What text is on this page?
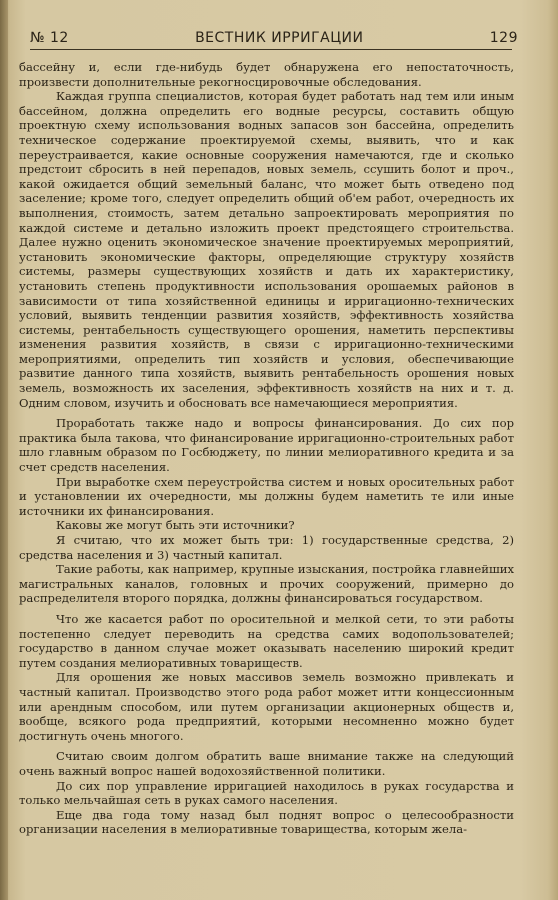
№ 12	ВЕСТНИК ИРРИГАЦИИ	129

бассейну и, если где-нибудь будет обнаружена его непостаточность, произвести дополнительные рекогносцировочные обследования.

Каждая группа специалистов, которая будет работать над тем или иным бассейном, должна определить его водные ресурсы, составить общую проектную схему использования водных запасов зон бассейна, определить техническое содержание проектируемой схемы, выявить, что и как переустраивается, какие основные сооружения намечаются, где и сколько предстоит сбросить в ней перепадов, новых земель, ссушить болот и проч., какой ожидается общий земельный баланс, что может быть отведено под заселение; кроме того, следует определить общий об'ем работ, очередность их выполнения, стоимость, затем детально запроектировать мероприятия по каждой системе и детально изложить проект предстоящего строительства. Далее нужно оценить экономическое значение проектируемых мероприятий, установить экономические факторы, определяющие структуру хозяйств системы, размеры существующих хозяйств и дать их характеристику, установить степень продуктивности использования орошаемых районов в зависимости от типа хозяйственной единицы и ирригационно-технических условий, выявить тенденции развития хозяйств, эффективность хозяйства системы, рентабельность существующего орошения, наметить перспективы изменения развития хозяйств, в связи с ирригационно-техническими мероприятиями, определить тип хозяйств и условия, обеспечивающие развитие данного типа хозяйств, выявить рентабельность орошения новых земель, возможность их заселения, эффективность хозяйств на них и т. д. Одним словом, изучить и обосновать все намечающиеся мероприятия.

Проработать также надо и вопросы финансирования. До сих пор практика была такова, что финансирование ирригационно-строительных работ шло главным образом по Госбюджету, по линии мелиоративного кредита и за счет средств населения.

При выработке схем переустройства систем и новых оросительных работ и установлении их очередности, мы должны будем наметить те или иные источники их финансирования.

Каковы же могут быть эти источники?

Я считаю, что их может быть три: 1) государственные средства, 2) средства населения и 3) частный капитал.

Такие работы, как например, крупные изыскания, постройка главнейших магистральных каналов, головных и прочих сооружений, примерно до распределителя второго порядка, должны финансироваться государством.

Что же касается работ по оросительной и мелкой сети, то эти работы постепенно следует переводить на средства самих водопользователей; государство в данном случае может оказывать населению широкий кредит путем создания мелиоративных товариществ.

Для орошения же новых массивов земель возможно привлекать и частный капитал. Производство этого рода работ может итти концессионным или арендным способом, или путем организации акционерных обществ и, вообще, всякого рода предприятий, которыми несомненно можно будет достигнуть очень многого.

Считаю своим долгом обратить ваше внимание также на следующий очень важный вопрос нашей водохозяйственной политики.

До сих пор управление ирригацией находилось в руках государства и только мельчайшая сеть в руках самого населения.

Еще два года тому назад был поднят вопрос о целесообразности организации населения в мелиоративные товарищества, которым жела-
